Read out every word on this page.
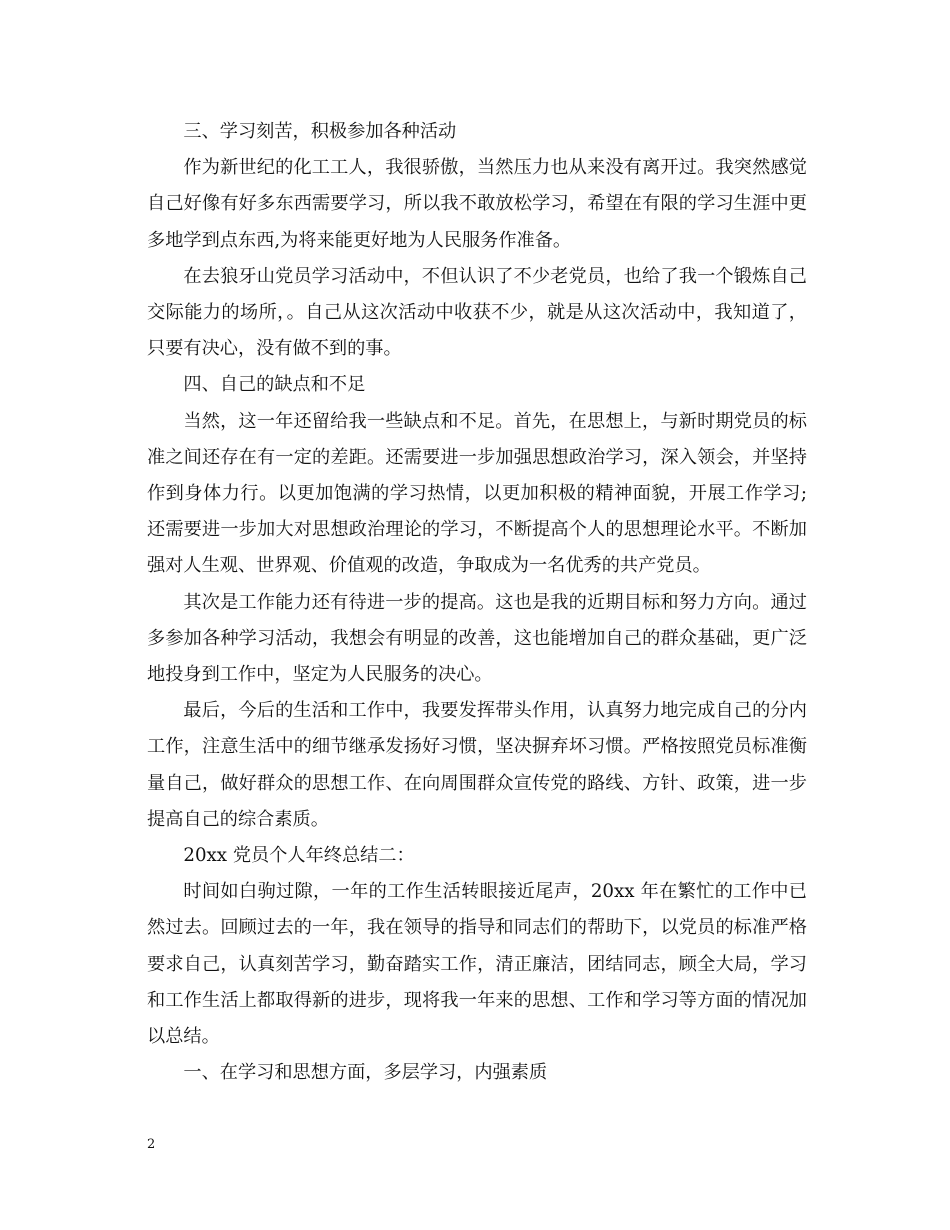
三、学习刻苦，积极参加各种活动

作为新世纪的化工工人，我很骄傲，当然压力也从来没有离开过。我突然感觉自己好像有好多东西需要学习，所以我不敢放松学习，希望在有限的学习生涯中更多地学到点东西,为将来能更好地为人民服务作准备。

在去狼牙山党员学习活动中，不但认识了不少老党员，也给了我一个锻炼自己交际能力的场所，。自己从这次活动中收获不少，就是从这次活动中，我知道了，只要有决心，没有做不到的事。

四、自己的缺点和不足

当然，这一年还留给我一些缺点和不足。首先，在思想上，与新时期党员的标准之间还存在有一定的差距。还需要进一步加强思想政治学习，深入领会，并坚持作到身体力行。以更加饱满的学习热情，以更加积极的精神面貌，开展工作学习;还需要进一步加大对思想政治理论的学习，不断提高个人的思想理论水平。不断加强对人生观、世界观、价值观的改造，争取成为一名优秀的共产党员。

其次是工作能力还有待进一步的提高。这也是我的近期目标和努力方向。通过多参加各种学习活动，我想会有明显的改善，这也能增加自己的群众基础，更广泛地投身到工作中，坚定为人民服务的决心。

最后，今后的生活和工作中，我要发挥带头作用，认真努力地完成自己的分内工作，注意生活中的细节继承发扬好习惯，坚决摒弃坏习惯。严格按照党员标准衡量自己，做好群众的思想工作、在向周围群众宣传党的路线、方针、政策，进一步提高自己的综合素质。

20xx 党员个人年终总结二：

时间如白驹过隙，一年的工作生活转眼接近尾声，20xx 年在繁忙的工作中已然过去。回顾过去的一年，我在领导的指导和同志们的帮助下，以党员的标准严格要求自己，认真刻苦学习，勤奋踏实工作，清正廉洁，团结同志，顾全大局，学习和工作生活上都取得新的进步，现将我一年来的思想、工作和学习等方面的情况加以总结。

一、在学习和思想方面，多层学习，内强素质

2
